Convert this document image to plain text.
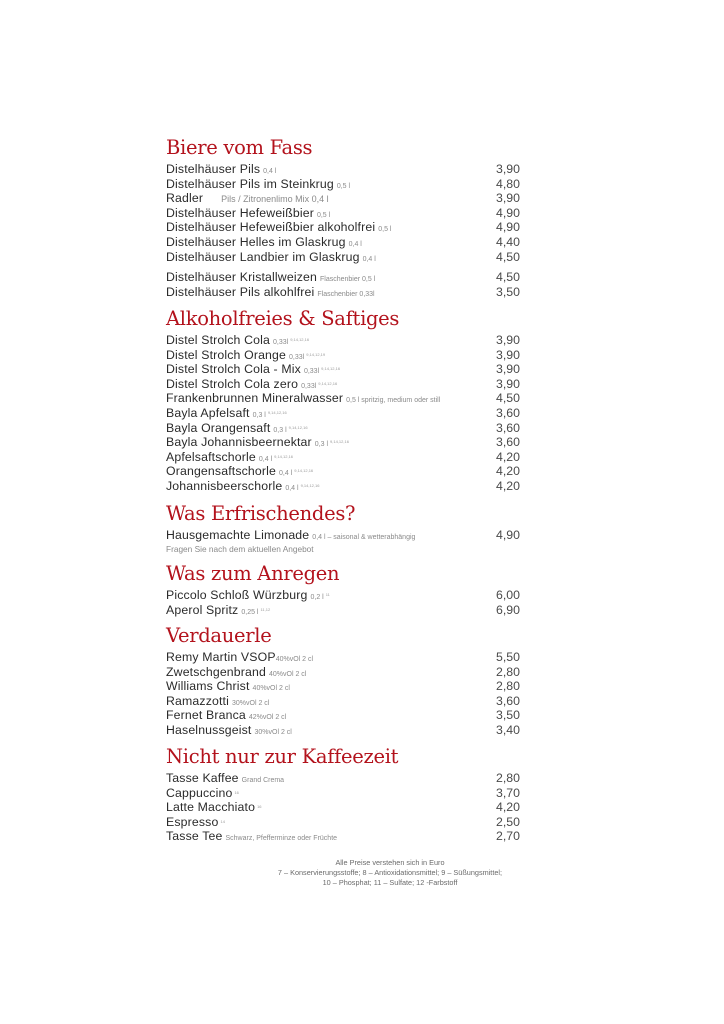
Biere vom Fass
Distelhäuser Pils 0,4 l	3,90
Distelhäuser Pils im Steinkrug 0,5 l	4,80
Radler Pils / Zitronenlimo Mix 0,4 l	3,90
Distelhäuser Hefeweißbier 0,5 l	4,90
Distelhäuser Hefeweißbier alkoholfrei 0,5 l	4,90
Distelhäuser Helles im Glaskrug 0,4 l	4,40
Distelhäuser Landbier im Glaskrug 0,4 l	4,50
Distelhäuser Kristallweizen Flaschenbier 0,5 l	4,50
Distelhäuser Pils alkohlfrei Flaschenbier 0,33l	3,50
Alkoholfreies & Saftiges
Distel Strolch Cola 0,33l $^{9,14,12,16}$	3,90
Distel Strolch Orange 0,33l $^{9,14,12,19}$	3,90
Distel Strolch Cola - Mix 0,33l $^{9,14,12,16}$	3,90
Distel Strolch Cola zero 0,33l $^{9,14,12,16}$	3,90
Frankenbrunnen Mineralwasser 0,5 l spritzig, medium oder still	4,50
Bayla Apfelsaft 0,3 l $^{9,14,12,16}$	3,60
Bayla Orangensaft 0,3 l $^{9,14,12,16}$	3,60
Bayla Johannisbeernektar 0,3 l $^{9,14,12,16}$	3,60
Apfelsaftschorle 0,4 l $^{9,14,12,16}$	4,20
Orangensaftschorle 0,4 l $^{9,14,12,16}$	4,20
Johannisbeerschorle 0,4 l $^{9,14,12,16}$	4,20
Was Erfrischendes?
Hausgemachte Limonade 0,4 l – saisonal & wetterabhängig	4,90
Fragen Sie nach dem aktuellen Angebot
Was zum Anregen
Piccolo Schloß Würzburg 0,2 l $^{11}$	6,00
Aperol Spritz 0,25 l $^{11,12}$	6,90
Verdauerle
Remy Martin VSOP40%vOl 2 cl	5,50
Zwetschgenbrand 40%vOl 2 cl	2,80
Williams Christ 40%vOl 2 cl	2,80
Ramazzotti 30%vOl 2 cl	3,60
Fernet Branca 42%vOl 2 cl	3,50
Haselnussgeist 30%vOl 2 cl	3,40
Nicht nur zur Kaffeezeit
Tasse Kaffee Grand Crema	2,80
Cappuccino $^{16}$	3,70
Latte Macchiato $^{16}$	4,20
Espresso $^{14}$	2,50
Tasse Tee Schwarz, Pfefferminze oder Früchte	2,70
Alle Preise verstehen sich in Euro
7 – Konservierungsstoffe; 8 – Antioxidationsmittel; 9 – Süßungsmittel;
10 – Phosphat; 11 – Sulfate; 12 -Farbstoff
